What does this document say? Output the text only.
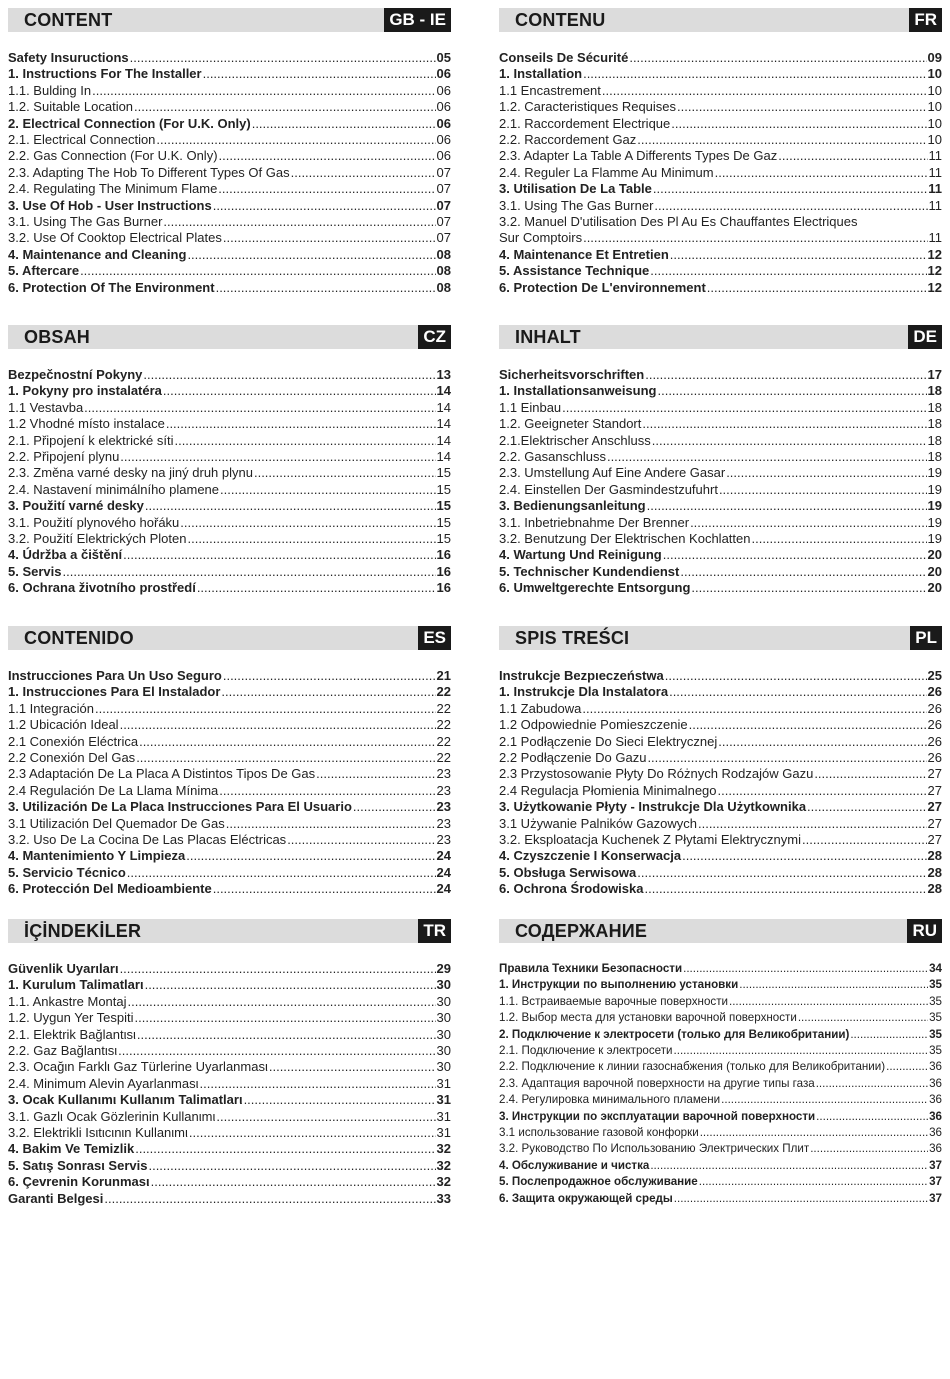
CONTENT	GB - IE
Safety Insuructions .....	05
1. Instructions For The Installer .....	06
1.1. Bulding In .....	06
1.2. Suitable Location .....	06
2. Electrical Connection (For U.K. Only) .....	06
2.1. Electrical Connection .....	06
2.2. Gas Connection (For U.K. Only) .....	06
2.3. Adapting The Hob To Different Types Of Gas .....	07
2.4. Regulating The Minimum Flame .....	07
3. Use Of Hob - User Instructions .....	07
3.1. Using The Gas Burner .....	07
3.2. Use Of Cooktop Electrical Plates .....	07
4. Maintenance and Cleaning .....	08
5. Aftercare .....	08
6. Protection Of The Environment .....	08
CONTENU	FR
Conseils De Sécurité .....	09
1. Installation .....	10
1.1 Encastrement .....	10
1.2. Caracteristiques Requises .....	10
2.1. Raccordement Electrique .....	10
2.2. Raccordement Gaz .....	10
2.3. Adapter La Table A Differents Types De Gaz .....	11
2.4. Reguler La Flamme Au Minimum .....	11
3. Utilisation De La Table .....	11
3.1. Using The Gas Burner .....	11
3.2. Manuel D'utilisation Des Pl Au Es Chauffantes Electriques
Sur Comptoirs .....	11
4. Maintenance Et Entretien .....	12
5. Assistance Technique .....	12
6. Protection De L'environnement .....	12
OBSAH	CZ
Bezpečnostní Pokyny .....	13
1. Pokyny pro instalatéra .....	14
1.1 Vestavba .....	14
1.2 Vhodné místo instalace .....	14
2.1. Připojení k elektrické síti .....	14
2.2. Připojení plynu .....	14
2.3. Změna varné desky na jiný druh plynu .....	15
2.4. Nastavení minimálního plamene .....	15
3. Použití varné desky .....	15
3.1. Použití plynového hořáku .....	15
3.2. Použití Elektrických Ploten .....	15
4. Údržba a čištění .....	16
5. Servis .....	16
6. Ochrana životního prostředí .....	16
INHALT	DE
Sicherheitsvorschriften .....	17
1. Installationsanweisung .....	18
1.1 Einbau .....	18
1.2. Geeigneter Standort .....	18
2.1.Elektrischer Anschluss .....	18
2.2. Gasanschluss .....	18
2.3. Umstellung Auf Eine Andere Gasar .....	19
2.4. Einstellen Der Gasmindestzufuhrt .....	19
3. Bedienungsanleitung .....	19
3.1. Inbetriebnahme Der Brenner .....	19
3.2. Benutzung Der Elektrischen Kochlatten .....	19
4. Wartung Und Reinigung .....	20
5. Technischer Kundendienst .....	20
6. Umweltgerechte Entsorgung .....	20
CONTENIDO	ES
Instrucciones Para Un Uso Seguro .....	21
1. Instrucciones Para El Instalador .....	22
1.1 Integración .....	22
1.2 Ubicación Ideal .....	22
2.1 Conexión Eléctrica .....	22
2.2 Conexión Del Gas .....	22
2.3 Adaptación De La Placa A Distintos Tipos De Gas .....	23
2.4 Regulación De La Llama Mínima .....	23
3. Utilización De La Placa Instrucciones Para El Usuario .....	23
3.1 Utilización Del Quemador De Gas .....	23
3.2. Uso De La Cocina De Las Placas Eléctricas .....	23
4. Mantenimiento Y Limpieza .....	24
5. Servicio Técnico .....	24
6. Protección Del Medioambiente .....	24
SPIS TREŚCI	PL
Instrukcje Bezpιeczeństwa .....	25
1. Instrukcje Dla Instalatora .....	26
1.1 Zabudowa .....	26
1.2 Odpowiednie Pomieszczenie .....	26
2.1 Podłączenie Do Sieci Elektrycznej .....	26
2.2 Podłączenie Do Gazu .....	26
2.3 Przystosowanie Płyty Do Różnych Rodzajów Gazu .....	27
2.4 Regulacja Płomienia Minimalnego .....	27
3. Użytkowanie Płyty - Instrukcje Dla Użytkownika .....	27
3.1 Używanie Palników Gazowych .....	27
3.2. Eksploatacja Kuchenek Z Płytami Elektrycznymi .....	27
4. Czyszczenie I Konserwacja .....	28
5. Obsługa Serwisowa .....	28
6. Ochrona Środowiska .....	28
İÇİNDEKİLER	TR
Güvenlik Uyarιlarι .....	29
1. Kurulum Talimatlarι .....	30
1.1. Ankastre Montaj .....	30
1.2. Uygun Yer Tespiti .....	30
2.1. Elektrik Bağlantιsι .....	30
2.2. Gaz Bağlantιsι .....	30
2.3. Ocağιn Farklι Gaz Türlerine Uyarlanmasι .....	30
2.4. Minimum Alevin Ayarlanmasι .....	31
3. Ocak Kullanιmι Kullanιm Talimatlarι .....	31
3.1. Gazlι Ocak Gözlerinin Kullanιmι .....	31
3.2. Elektrikli Isιtιcιnιn Kullanιmι .....	31
4. Bakim Ve Temizlik .....	32
5. Satιş Sonrasι Servis .....	32
6. Çevrenin Korunmasι .....	32
Garanti Belgesi .....	33
СОДЕРЖАНИЕ	RU
Правила Техники Безопасности .....	34
1. Инструкции по выполнению установки .....	35
1.1. Встраиваемые варочные поверхности .....	35
1.2. Выбор места для установки варочной поверхности .....	35
2. Подключение к электросети (только для Великобритании) .....	35
2.1. Подключение к электросети .....	35
2.2. Подключение к линии газоснабжения (только для Великобритании) .....	36
2.3. Адаптация варочной поверхности на другие типы газа .....	36
2.4. Регулировка минимального пламени .....	36
3. Инструкции по эксплуатации варочной поверхности .....	36
3.1 использование газовой конфорки .....	36
3.2. Руководство По Использованию Электрических Плит .....	36
4. Обслуживание и чистка .....	37
5. Послепродажное обслуживание .....	37
6. Защита окружающей среды .....	37
